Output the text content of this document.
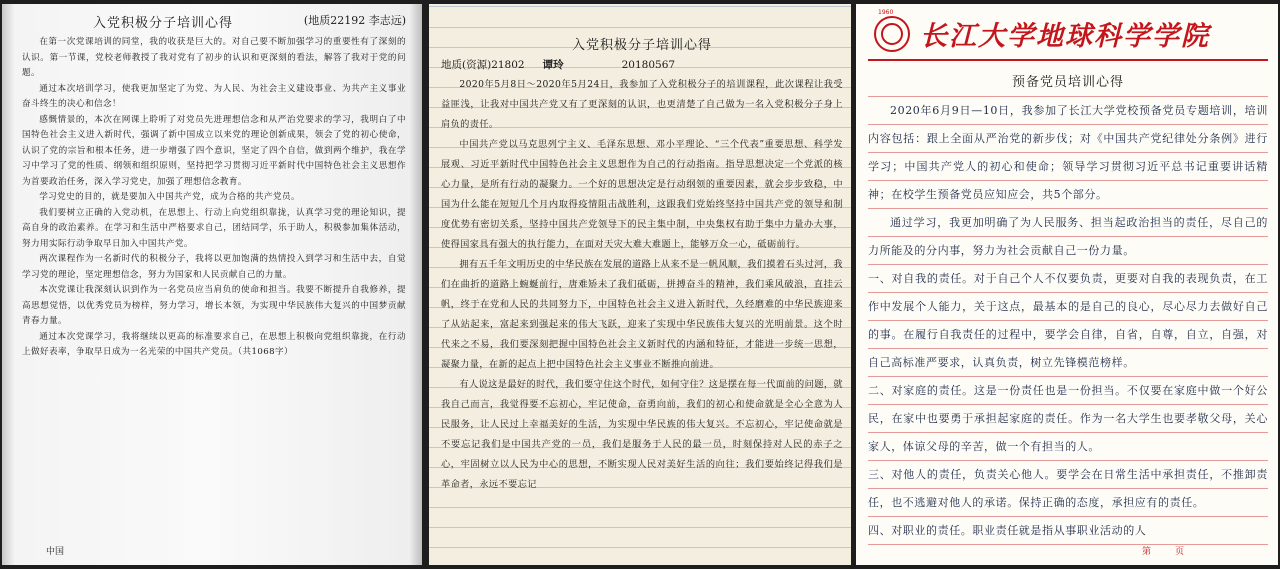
入党积极分子培训心得	(地质22192 李志远)

在第一次党课培训的同堂，我的收获是巨大的。对自己要不断加强学习的重要性有了深刻的认识。第一节课，党校老师教授了我对党有了初步的认识和更深刻的看法，解答了我对于党的问题。

通过本次培训学习，使我更加坚定了为党、为人民、为社会主义建设事业、为共产主义事业奋斗终生的决心和信念！

感慨情景的，本次在网课上聆听了对党员先进理想信念和从严治党要求的学习，我明白了中国特色社会主义进入新时代，强调了新中国成立以来党的理论创新成果，领会了党的初心使命，认识了党的宗旨和根本任务，进一步增强了四个意识，坚定了四个自信，做到两个维护，我在学习中学习了党的性质、纲领和组织原则，坚持把学习贯彻习近平新时代中国特色社会主义思想作为首要政治任务，深入学习党史，加强了理想信念教育。

学习党史的目的，就是要加入中国共产党，成为合格的共产党员。

我们要树立正确的入党动机，在思想上、行动上向党组织靠拢，认真学习党的理论知识，提高自身的政治素养。在学习和生活中严格要求自己，团结同学，乐于助人，积极参加集体活动，努力用实际行动争取早日加入中国共产党。

两次课程作为一名新时代的积极分子，我将以更加饱满的热情投入到学习和生活中去，自觉学习党的理论，坚定理想信念，努力为国家和人民贡献自己的力量。

本次党课让我深刻认识到作为一名党员应当肩负的使命和担当。我要不断提升自我修养，提高思想觉悟，以优秀党员为榜样，努力学习，增长本领，为实现中华民族伟大复兴的中国梦贡献青春力量。

通过本次党课学习，我将继续以更高的标准要求自己，在思想上积极向党组织靠拢，在行动上做好表率，争取早日成为一名光荣的中国共产党员。（共1068字）

中国
入党积极分子培训心得
地质(资源)21802 谭玲	20180567

2020年5月8日～2020年5月24日，我参加了入党积极分子的培训课程，此次课程让我受益匪浅，让我对中国共产党又有了更深刻的认识，也更清楚了自己做为一名入党积极分子身上肩负的责任。

中国共产党以马克思列宁主义、毛泽东思想、邓小平理论、“三个代表”重要思想、科学发展观、习近平新时代中国特色社会主义思想作为自己的行动指南。指导思想决定一个党派的核心力量，是所有行动的凝聚力。一个好的思想决定是行动纲领的重要因素，就会步步致稳，中国为什么能在短短几个月内取得疫情阻击战胜利，这跟我们党始终坚持中国共产党的领导和制度优势有密切关系，坚持中国共产党领导下的民主集中制，中央集权有助于集中力量办大事，使得国家具有强大的执行能力，在面对天灾大难大难题上，能够万众一心，砥砺前行。

拥有五千年文明历史的中华民族在发展的道路上从来不是一帆风顺，我们摸着石头过河，我们在曲折的道路上蜿蜒前行，唐难矫未了我们砥砺，拼搏奋斗的精神，我们乘风破浪，直挂云帆，终于在党和人民的共同努力下，中国特色社会主义进入新时代，久经磨难的中华民族迎来了从站起来，富起来到强起来的伟大飞跃，迎来了实现中华民族伟大复兴的光明前景。这个时代来之不易，我们要深刻把握中国特色社会主义新时代的内涵和特征，才能进一步统一思想，凝聚力量，在新的起点上把中国特色社会主义事业不断推向前进。

有人说这是最好的时代，我们要守住这个时代，如何守住？这是摆在每一代面前的问题，就我自己而言，我觉得要不忘初心，牢记使命，奋勇向前，我们的初心和使命就是全心全意为人民服务，让人民过上幸福美好的生活，为实现中华民族的伟大复兴。不忘初心，牢记使命就是不要忘记我们是中国共产党的一员，我们是服务于人民的最一员，时刻保持对人民的赤子之心，牢固树立以人民为中心的思想，不断实现人民对美好生活的向往；我们要始终记得我们是革命者，永远不要忘记

1960
长江大学地球科学学院
预备党员培训心得

2020年6月9日—10日，我参加了长江大学党校预备党员专题培训，培训内容包括：跟上全面从严治党的新步伐；对《中国共产党纪律处分条例》进行学习；中国共产党人的初心和使命；领导学习贯彻习近平总书记重要讲话精神；在校学生预备党员应知应会，共5个部分。

通过学习，我更加明确了为人民服务、担当起政治担当的责任，尽自己的力所能及的分内事，努力为社会贡献自己一份力量。

一、对自我的责任。对于自己个人不仅要负责，更要对自我的表现负责，在工作中发展个人能力，关于这点，最基本的是自己的良心，尽心尽力去做好自己的事。在履行自我责任的过程中，要学会自律，自省，自尊，自立，自强，对自己高标准严要求，认真负责，树立先锋模范榜样。

二、对家庭的责任。这是一份责任也是一份担当。不仅要在家庭中做一个好公民，在家中也要勇于承担起家庭的责任。作为一名大学生也要孝敬父母，关心家人，体谅父母的辛苦，做一个有担当的人。

三、对他人的责任，负责关心他人。要学会在日常生活中承担责任，不推卸责任，也不逃避对他人的承诺。保持正确的态度，承担应有的责任。

四、对职业的责任。职业责任就是指从事职业活动的人

第页
